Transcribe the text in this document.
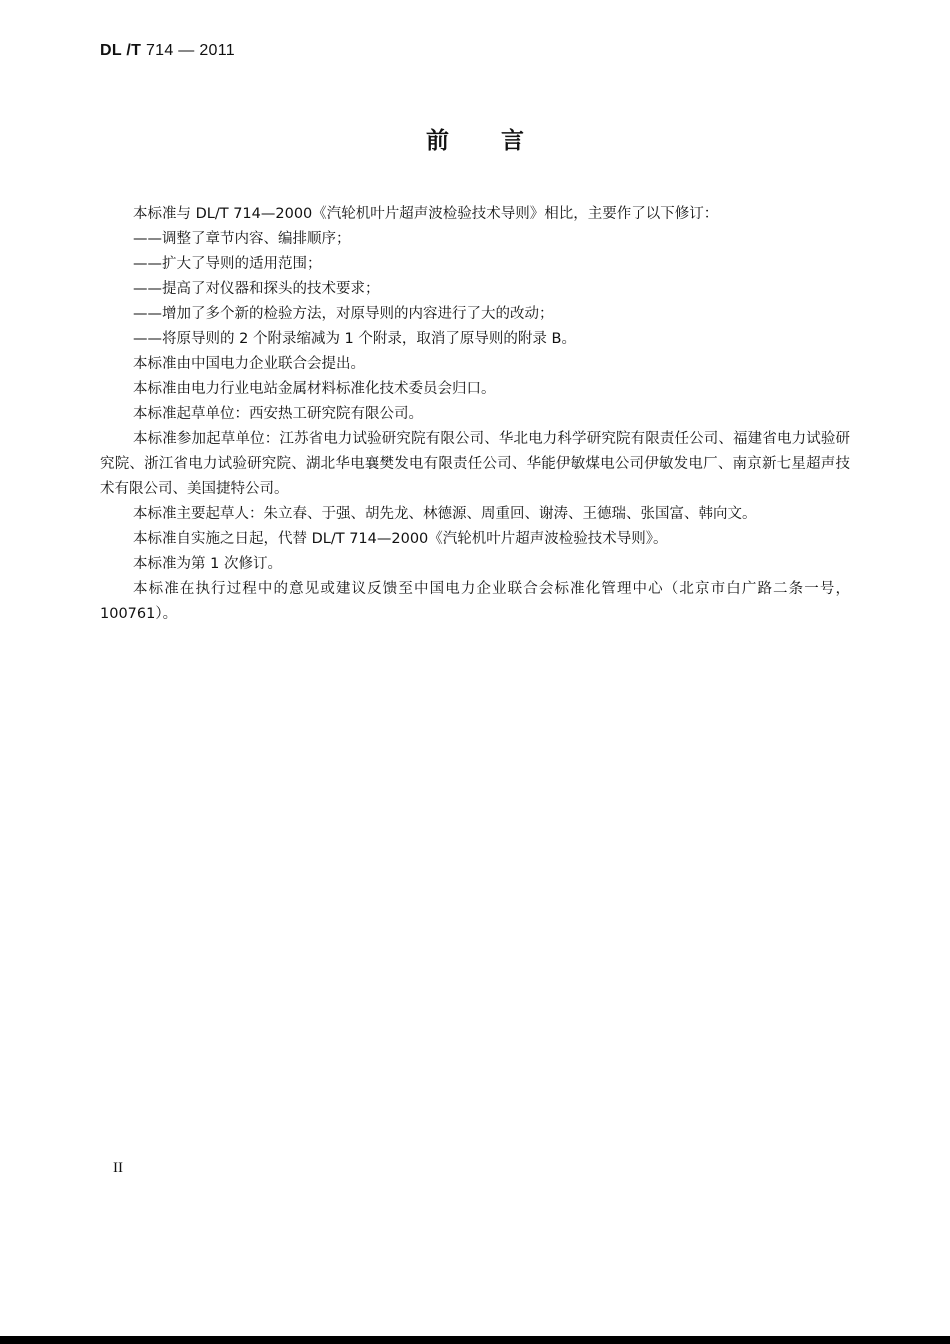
DL /T 714 — 2011
前言

本标准与 DL/T 714—2000《汽轮机叶片超声波检验技术导则》相比，主要作了以下修订：

——调整了章节内容、编排顺序；

——扩大了导则的适用范围；

——提高了对仪器和探头的技术要求；

——增加了多个新的检验方法，对原导则的内容进行了大的改动；

——将原导则的 2 个附录缩减为 1 个附录，取消了原导则的附录 B。

本标准由中国电力企业联合会提出。

本标准由电力行业电站金属材料标准化技术委员会归口。

本标准起草单位：西安热工研究院有限公司。

本标准参加起草单位：江苏省电力试验研究院有限公司、华北电力科学研究院有限责任公司、福建省电力试验研究院、浙江省电力试验研究院、湖北华电襄樊发电有限责任公司、华能伊敏煤电公司伊敏发电厂、南京新七星超声技术有限公司、美国捷特公司。

本标准主要起草人：朱立春、于强、胡先龙、林德源、周重回、谢涛、王德瑞、张国富、韩向文。

本标准自实施之日起，代替 DL/T 714—2000《汽轮机叶片超声波检验技术导则》。

本标准为第 1 次修订。

本标准在执行过程中的意见或建议反馈至中国电力企业联合会标准化管理中心（北京市白广路二条一号，100761）。

II
